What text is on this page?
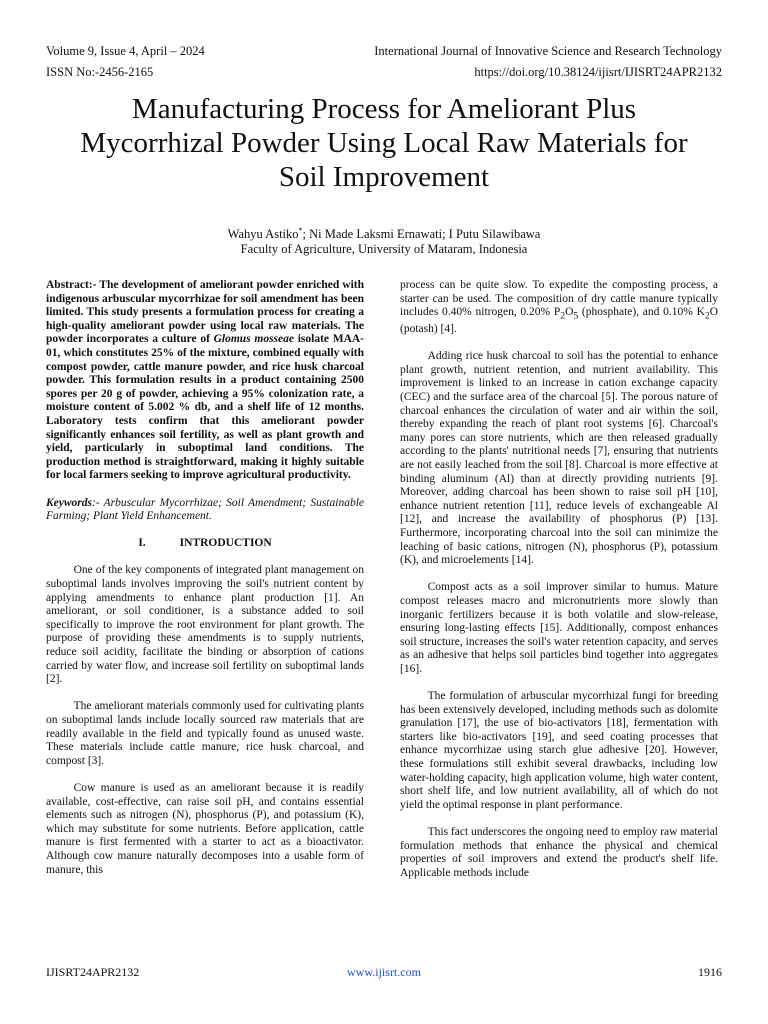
Volume 9, Issue 4, April – 2024
ISSN No:-2456-2165
International Journal of Innovative Science and Research Technology
https://doi.org/10.38124/ijisrt/IJISRT24APR2132
Manufacturing Process for Ameliorant Plus
Mycorrhizal Powder Using Local Raw Materials for
Soil Improvement
Wahyu Astiko*; Ni Made Laksmi Ernawati; I Putu Silawibawa
Faculty of Agriculture, University of Mataram, Indonesia

Abstract:- The development of ameliorant powder enriched with indigenous arbuscular mycorrhizae for soil amendment has been limited. This study presents a formulation process for creating a high-quality ameliorant powder using local raw materials. The powder incorporates a culture of Glomus mosseae isolate MAA-01, which constitutes 25% of the mixture, combined equally with compost powder, cattle manure powder, and rice husk charcoal powder. This formulation results in a product containing 2500 spores per 20 g of powder, achieving a 95% colonization rate, a moisture content of 5.002 % db, and a shelf life of 12 months. Laboratory tests confirm that this ameliorant powder significantly enhances soil fertility, as well as plant growth and yield, particularly in suboptimal land conditions. The production method is straightforward, making it highly suitable for local farmers seeking to improve agricultural productivity.

Keywords:- Arbuscular Mycorrhizae; Soil Amendment; Sustainable Farming; Plant Yield Enhancement.

I.	INTRODUCTION

One of the key components of integrated plant management on suboptimal lands involves improving the soil's nutrient content by applying amendments to enhance plant production [1]. An ameliorant, or soil conditioner, is a substance added to soil specifically to improve the root environment for plant growth. The purpose of providing these amendments is to supply nutrients, reduce soil acidity, facilitate the binding or absorption of cations carried by water flow, and increase soil fertility on suboptimal lands [2].

The ameliorant materials commonly used for cultivating plants on suboptimal lands include locally sourced raw materials that are readily available in the field and typically found as unused waste. These materials include cattle manure, rice husk charcoal, and compost [3].

Cow manure is used as an ameliorant because it is readily available, cost-effective, can raise soil pH, and contains essential elements such as nitrogen (N), phosphorus (P), and potassium (K), which may substitute for some nutrients. Before application, cattle manure is first fermented with a starter to act as a bioactivator. Although cow manure naturally decomposes into a usable form of manure, this

process can be quite slow. To expedite the composting process, a starter can be used. The composition of dry cattle manure typically includes 0.40% nitrogen, 0.20% $P_2O_5$ (phosphate), and 0.10% $K_2O$ (potash) [4].

Adding rice husk charcoal to soil has the potential to enhance plant growth, nutrient retention, and nutrient availability. This improvement is linked to an increase in cation exchange capacity (CEC) and the surface area of the charcoal [5]. The porous nature of charcoal enhances the circulation of water and air within the soil, thereby expanding the reach of plant root systems [6]. Charcoal's many pores can store nutrients, which are then released gradually according to the plants' nutritional needs [7], ensuring that nutrients are not easily leached from the soil [8]. Charcoal is more effective at binding aluminum (Al) than at directly providing nutrients [9]. Moreover, adding charcoal has been shown to raise soil pH [10], enhance nutrient retention [11], reduce levels of exchangeable Al [12], and increase the availability of phosphorus (P) [13]. Furthermore, incorporating charcoal into the soil can minimize the leaching of basic cations, nitrogen (N), phosphorus (P), potassium (K), and microelements [14].

Compost acts as a soil improver similar to humus. Mature compost releases macro and micronutrients more slowly than inorganic fertilizers because it is both volatile and slow-release, ensuring long-lasting effects [15]. Additionally, compost enhances soil structure, increases the soil's water retention capacity, and serves as an adhesive that helps soil particles bind together into aggregates [16].

The formulation of arbuscular mycorrhizal fungi for breeding has been extensively developed, including methods such as dolomite granulation [17], the use of bio-activators [18], fermentation with starters like bio-activators [19], and seed coating processes that enhance mycorrhizae using starch glue adhesive [20]. However, these formulations still exhibit several drawbacks, including low water-holding capacity, high application volume, high water content, short shelf life, and low nutrient availability, all of which do not yield the optimal response in plant performance.

This fact underscores the ongoing need to employ raw material formulation methods that enhance the physical and chemical properties of soil improvers and extend the product's shelf life. Applicable methods include

IJISRT24APR2132	www.ijisrt.com	1916
